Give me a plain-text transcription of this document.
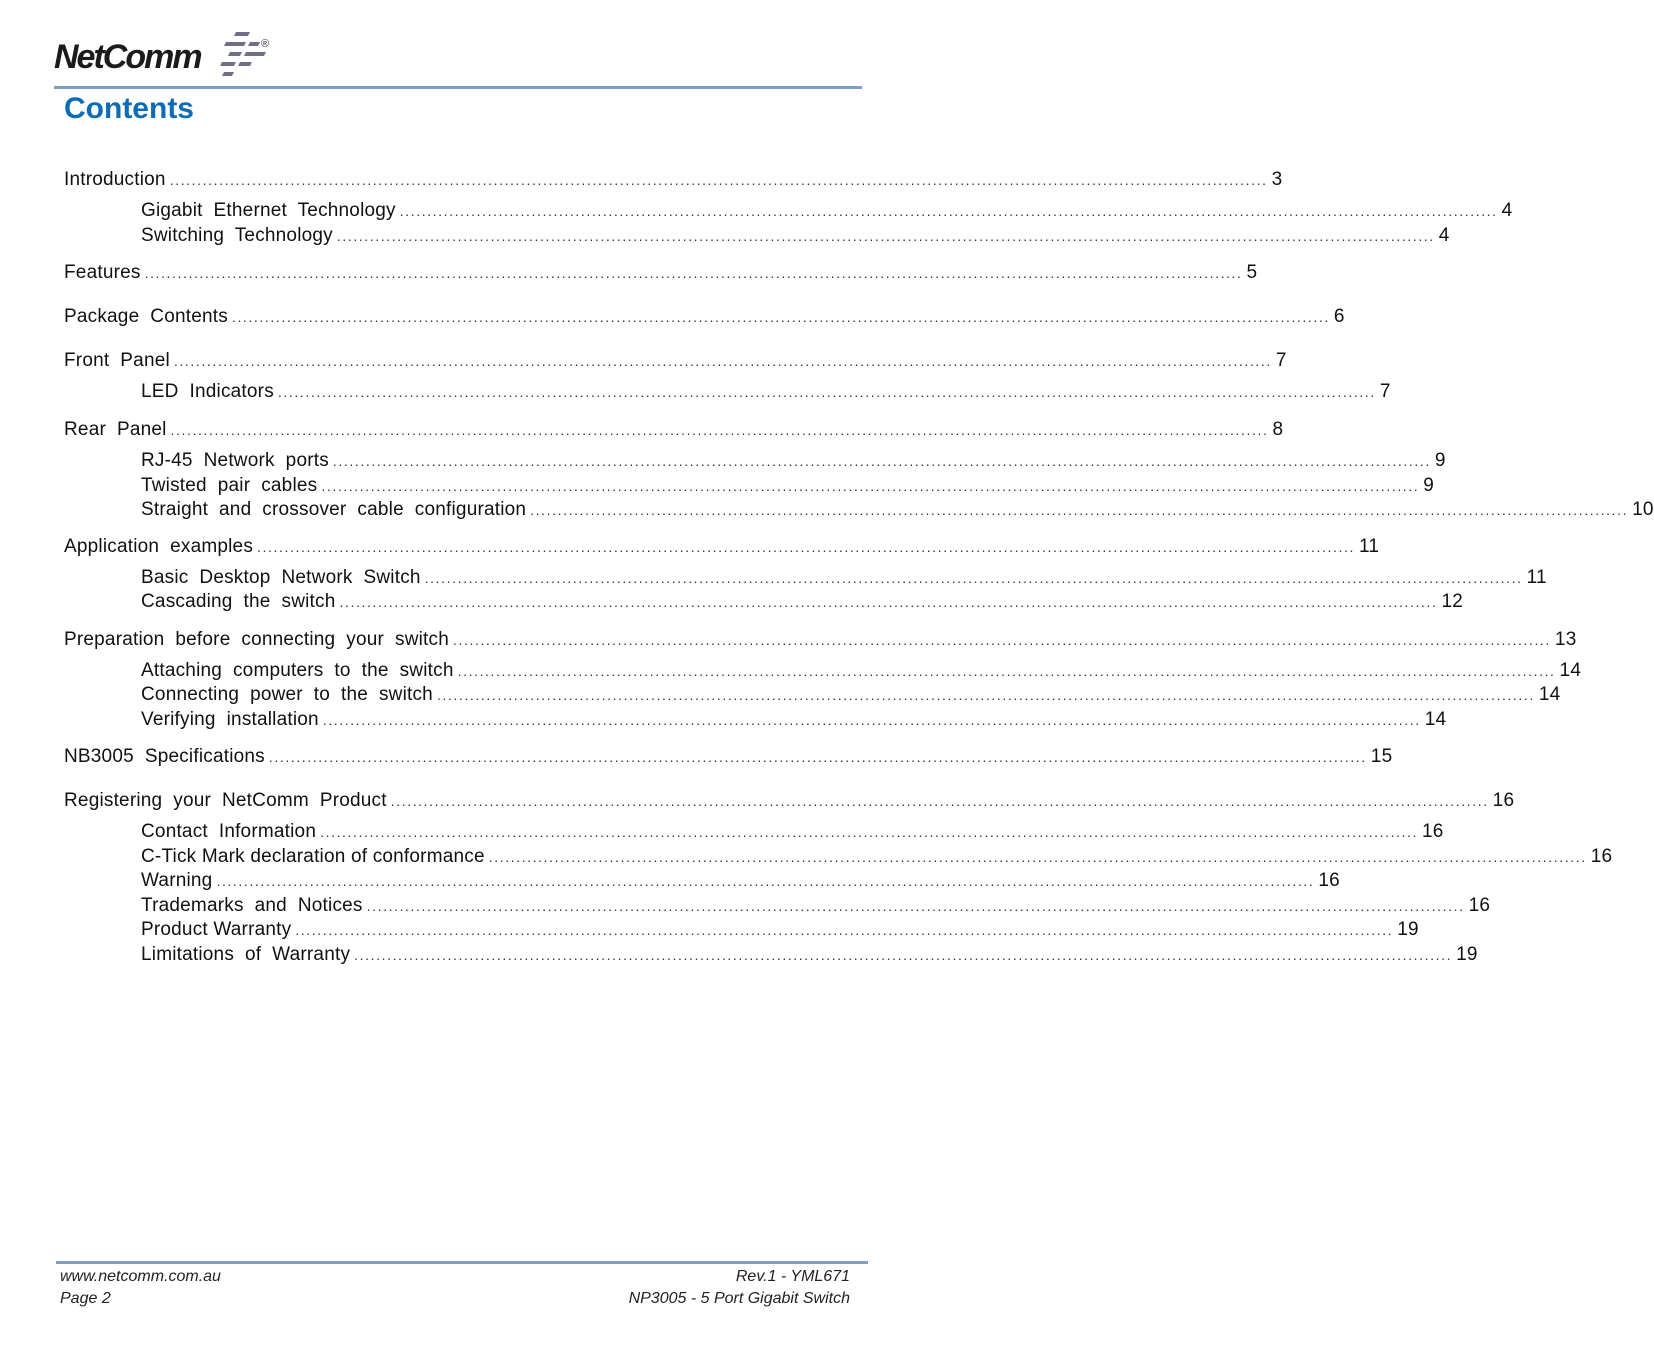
NetComm	®
Contents
Introduction ........................................................................................................................................................................................................ 3
Gigabit  Ethernet  Technology ........................................................................................................................................................................................................ 4
Switching  Technology ........................................................................................................................................................................................................ 4
Features ........................................................................................................................................................................................................ 5
Package  Contents ........................................................................................................................................................................................................ 6
Front  Panel ........................................................................................................................................................................................................ 7
LED  Indicators ........................................................................................................................................................................................................ 7
Rear  Panel ........................................................................................................................................................................................................ 8
RJ-45  Network  ports ........................................................................................................................................................................................................ 9
Twisted  pair  cables ........................................................................................................................................................................................................ 9
Straight  and  crossover  cable  configuration ........................................................................................................................................................................................................ 10
Application  examples ........................................................................................................................................................................................................ 11
Basic  Desktop  Network  Switch ........................................................................................................................................................................................................ 11
Cascading  the  switch ........................................................................................................................................................................................................ 12
Preparation  before  connecting  your  switch ........................................................................................................................................................................................................ 13
Attaching  computers  to  the  switch ........................................................................................................................................................................................................ 14
Connecting  power  to  the  switch ........................................................................................................................................................................................................ 14
Verifying  installation ........................................................................................................................................................................................................ 14
NB3005  Specifications ........................................................................................................................................................................................................ 15
Registering  your  NetComm  Product ........................................................................................................................................................................................................ 16
Contact  Information ........................................................................................................................................................................................................ 16
C-Tick Mark declaration of conformance ........................................................................................................................................................................................................ 16
Warning ........................................................................................................................................................................................................ 16
Trademarks  and  Notices ........................................................................................................................................................................................................ 16
Product Warranty ........................................................................................................................................................................................................ 19
Limitations  of  Warranty ........................................................................................................................................................................................................ 19
www.netcomm.com.au
Page 2
Rev.1 - YML671
NP3005 - 5 Port Gigabit Switch
